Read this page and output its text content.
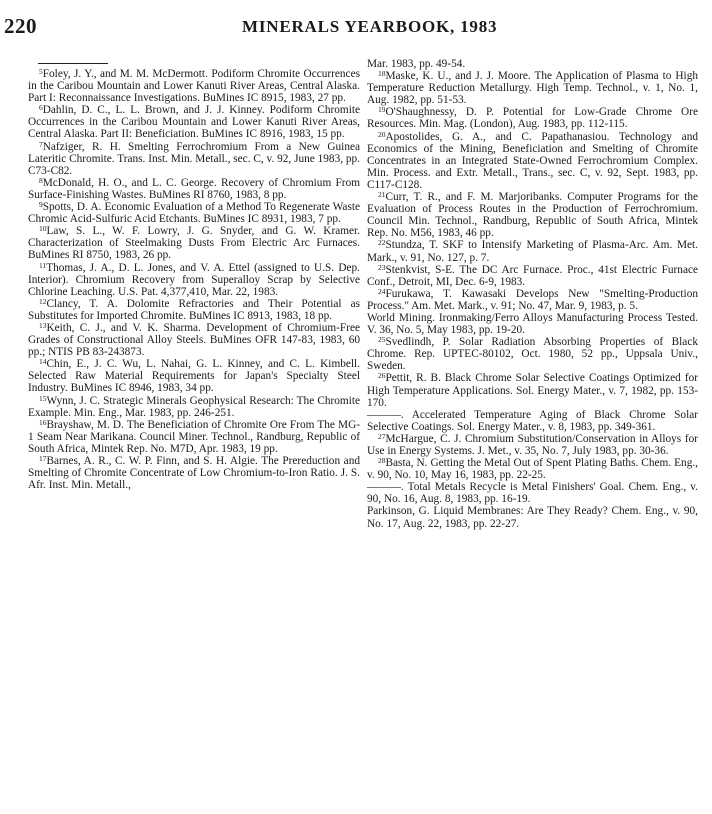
220	MINERALS YEARBOOK, 1983

$^5$Foley, J. Y., and M. M. McDermott. Podiform Chromite Occurrences in the Caribou Mountain and Lower Kanuti River Areas, Central Alaska. Part I: Reconnaissance Investigations. BuMines IC 8915, 1983, 27 pp.

$^6$Dahlin, D. C., L. L. Brown, and J. J. Kinney. Podiform Chromite Occurrences in the Caribou Mountain and Lower Kanuti River Areas, Central Alaska. Part II: Beneficiation. BuMines IC 8916, 1983, 15 pp.

$^7$Nafziger, R. H. Smelting Ferrochromium From a New Guinea Lateritic Chromite. Trans. Inst. Min. Metall., sec. C, v. 92, June 1983, pp. C73-C82.

$^8$McDonald, H. O., and L. C. George. Recovery of Chromium From Surface-Finishing Wastes. BuMines RI 8760, 1983, 8 pp.

$^9$Spotts, D. A. Economic Evaluation of a Method To Regenerate Waste Chromic Acid-Sulfuric Acid Etchants. BuMines IC 8931, 1983, 7 pp.

$^{10}$Law, S. L., W. F. Lowry, J. G. Snyder, and G. W. Kramer. Characterization of Steelmaking Dusts From Electric Arc Furnaces. BuMines RI 8750, 1983, 26 pp.

$^{11}$Thomas, J. A., D. L. Jones, and V. A. Ettel (assigned to U.S. Dep. Interior). Chromium Recovery from Superalloy Scrap by Selective Chlorine Leaching. U.S. Pat. 4,377,410, Mar. 22, 1983.

$^{12}$Clancy, T. A. Dolomite Refractories and Their Potential as Substitutes for Imported Chromite. BuMines IC 8913, 1983, 18 pp.

$^{13}$Keith, C. J., and V. K. Sharma. Development of Chromium-Free Grades of Constructional Alloy Steels. BuMines OFR 147-83, 1983, 60 pp.; NTIS PB 83-243873.

$^{14}$Chin, E., J. C. Wu, L. Nahai, G. L. Kinney, and C. L. Kimbell. Selected Raw Material Requirements for Japan's Specialty Steel Industry. BuMines IC 8946, 1983, 34 pp.

$^{15}$Wynn, J. C. Strategic Minerals Geophysical Research: The Chromite Example. Min. Eng., Mar. 1983, pp. 246-251.

$^{16}$Brayshaw, M. D. The Beneficiation of Chromite Ore From The MG-1 Seam Near Marikana. Council Miner. Technol., Randburg, Republic of South Africa, Mintek Rep. No. M7D, Apr. 1983, 19 pp.

$^{17}$Barnes, A. R., C. W. P. Finn, and S. H. Algie. The Prereduction and Smelting of Chromite Concentrate of Low Chromium-to-Iron Ratio. J. S. Afr. Inst. Min. Metall.,

Mar. 1983, pp. 49-54.

$^{18}$Maske, K. U., and J. J. Moore. The Application of Plasma to High Temperature Reduction Metallurgy. High Temp. Technol., v. 1, No. 1, Aug. 1982, pp. 51-53.

$^{19}$O'Shaughnessy, D. P. Potential for Low-Grade Chrome Ore Resources. Min. Mag. (London), Aug. 1983, pp. 112-115.

$^{20}$Apostolides, G. A., and C. Papathanasiou. Technology and Economics of the Mining, Beneficiation and Smelting of Chromite Concentrates in an Integrated State-Owned Ferrochromium Complex. Min. Process. and Extr. Metall., Trans., sec. C, v. 92, Sept. 1983, pp. C117-C128.

$^{21}$Curr, T. R., and F. M. Marjoribanks. Computer Programs for the Evaluation of Process Routes in the Production of Ferrochromium. Council Min. Technol., Randburg, Republic of South Africa, Mintek Rep. No. M56, 1983, 46 pp.

$^{22}$Stundza, T. SKF to Intensify Marketing of Plasma-Arc. Am. Met. Mark., v. 91, No. 127, p. 7.

$^{23}$Stenkvist, S-E. The DC Arc Furnace. Proc., 41st Electric Furnace Conf., Detroit, MI, Dec. 6-9, 1983.

$^{24}$Furukawa, T. Kawasaki Develops New "Smelting-Production Process." Am. Met. Mark., v. 91; No. 47, Mar. 9, 1983, p. 5.

World Mining. Ironmaking/Ferro Alloys Manufacturing Process Tested. V. 36, No. 5, May 1983, pp. 19-20.

$^{25}$Svedlindh, P. Solar Radiation Absorbing Properties of Black Chrome. Rep. UPTEC-80102, Oct. 1980, 52 pp., Uppsala Univ., Sweden.

$^{26}$Pettit, R. B. Black Chrome Solar Selective Coatings Optimized for High Temperature Applications. Sol. Energy Mater., v. 7, 1982, pp. 153-170.

———. Accelerated Temperature Aging of Black Chrome Solar Selective Coatings. Sol. Energy Mater., v. 8, 1983, pp. 349-361.

$^{27}$McHargue, C. J. Chromium Substitution/Conservation in Alloys for Use in Energy Systems. J. Met., v. 35, No. 7, July 1983, pp. 30-36.

$^{28}$Basta, N. Getting the Metal Out of Spent Plating Baths. Chem. Eng., v. 90, No. 10, May 16, 1983, pp. 22-25.

———. Total Metals Recycle is Metal Finishers' Goal. Chem. Eng., v. 90, No. 16, Aug. 8, 1983, pp. 16-19.

Parkinson, G. Liquid Membranes: Are They Ready? Chem. Eng., v. 90, No. 17, Aug. 22, 1983, pp. 22-27.
